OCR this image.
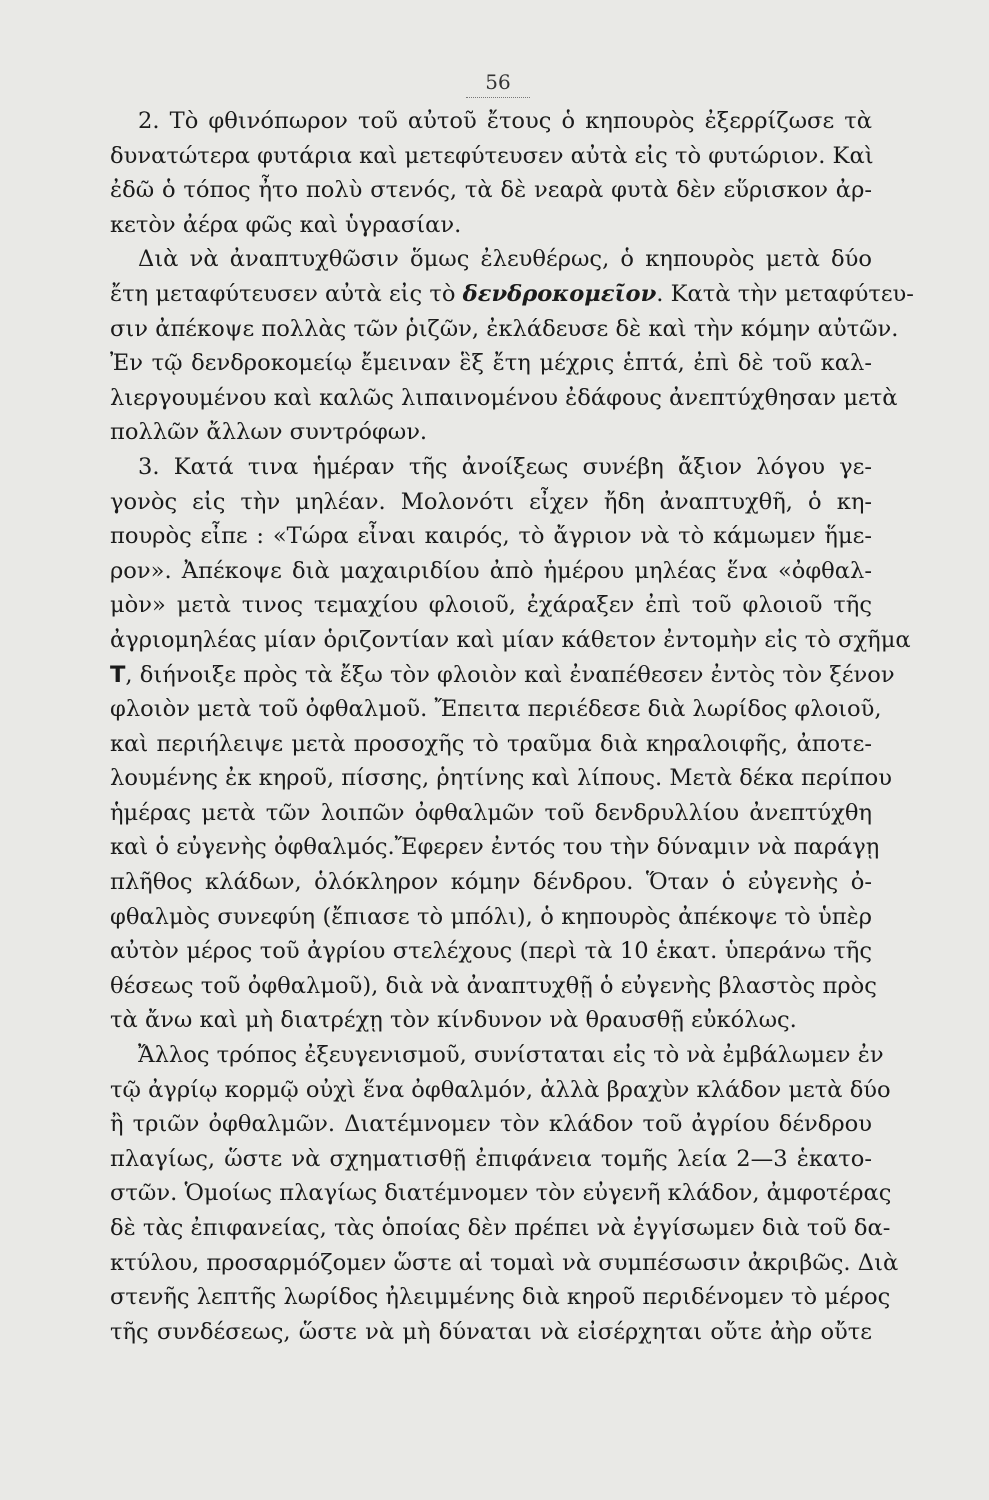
56
2. Τὸ φθινόπωρον τοῦ αὐτοῦ ἔτους ὁ κηπουρὸς ἐξερρίζωσε τὰ
δυνατώτερα φυτάρια καὶ μετεφύτευσεν αὐτὰ εἰς τὸ φυτώριον. Καὶ
ἐδῶ ὁ τόπος ἦτο πολὺ στενός, τὰ δὲ νεαρὰ φυτὰ δὲν εὕρισκον ἀρ-
κετὸν ἀέρα φῶς καὶ ὑγρασίαν.
Διὰ νὰ ἀναπτυχθῶσιν ὅμως ἐλευθέρως, ὁ κηπουρὸς μετὰ δύο
ἔτη μεταφύτευσεν αὐτὰ εἰς τὸ δενδροκομεῖον. Κατὰ τὴν μεταφύτευ-
σιν ἀπέκοψε πολλὰς τῶν ῥιζῶν, ἐκλάδευσε δὲ καὶ τὴν κόμην αὐτῶν.
Ἐν τῷ δενδροκομείῳ ἔμειναν ἓξ ἔτη μέχρις ἑπτά, ἐπὶ δὲ τοῦ καλ-
λιεργουμένου καὶ καλῶς λιπαινομένου ἐδάφους ἀνεπτύχθησαν μετὰ
πολλῶν ἄλλων συντρόφων.
3. Κατά τινα ἡμέραν τῆς ἀνοίξεως συνέβη ἄξιον λόγου γε-
γονὸς εἰς τὴν μηλέαν. Μολονότι εἶχεν ἤδη ἀναπτυχθῆ, ὁ κη-
πουρὸς εἶπε : «Τώρα εἶναι καιρός, τὸ ἄγριον νὰ τὸ κάμωμεν ἥμε-
ρον». Ἀπέκοψε διὰ μαχαιριδίου ἀπὸ ἡμέρου μηλέας ἕνα «ὀφθαλ-
μὸν» μετὰ τινος τεμαχίου φλοιοῦ, ἐχάραξεν ἐπὶ τοῦ φλοιοῦ τῆς
ἀγριομηλέας μίαν ὁριζοντίαν καὶ μίαν κάθετον ἐντομὴν εἰς τὸ σχῆμα
T, διήνοιξε πρὸς τὰ ἔξω τὸν φλοιὸν καὶ ἐναπέθεσεν ἐντὸς τὸν ξένον
φλοιὸν μετὰ τοῦ ὀφθαλμοῦ. Ἔπειτα περιέδεσε διὰ λωρίδος φλοιοῦ,
καὶ περιήλειψε μετὰ προσοχῆς τὸ τραῦμα διὰ κηραλοιφῆς, ἀποτε-
λουμένης ἐκ κηροῦ, πίσσης, ῥητίνης καὶ λίπους. Μετὰ δέκα περίπου
ἡμέρας μετὰ τῶν λοιπῶν ὀφθαλμῶν τοῦ δενδρυλλίου ἀνεπτύχθη
καὶ ὁ εὐγενὴς ὀφθαλμός.Ἔφερεν ἐντός του τὴν δύναμιν νὰ παράγῃ
πλῆθος κλάδων, ὁλόκληρον κόμην δένδρου. Ὅταν ὁ εὐγενὴς ὀ-
φθαλμὸς συνεφύη (ἔπιασε τὸ μπόλι), ὁ κηπουρὸς ἀπέκοψε τὸ ὑπὲρ
αὐτὸν μέρος τοῦ ἀγρίου στελέχους (περὶ τὰ 10 ἑκατ. ὑπεράνω τῆς
θέσεως τοῦ ὀφθαλμοῦ), διὰ νὰ ἀναπτυχθῇ ὁ εὐγενὴς βλαστὸς πρὸς
τὰ ἄνω καὶ μὴ διατρέχῃ τὸν κίνδυνον νὰ θραυσθῇ εὐκόλως.
Ἄλλος τρόπος ἐξευγενισμοῦ, συνίσταται εἰς τὸ νὰ ἐμβάλωμεν ἐν
τῷ ἀγρίῳ κορμῷ οὐχὶ ἕνα ὀφθαλμόν, ἀλλὰ βραχὺν κλάδον μετὰ δύο
ἢ τριῶν ὀφθαλμῶν. Διατέμνομεν τὸν κλάδον τοῦ ἀγρίου δένδρου
πλαγίως, ὥστε νὰ σχηματισθῇ ἐπιφάνεια τομῆς λεία 2—3 ἑκατο-
στῶν. Ὁμοίως πλαγίως διατέμνομεν τὸν εὐγενῆ κλάδον, ἀμφοτέρας
δὲ τὰς ἐπιφανείας, τὰς ὁποίας δὲν πρέπει νὰ ἐγγίσωμεν διὰ τοῦ δα-
κτύλου, προσαρμόζομεν ὥστε αἱ τομαὶ νὰ συμπέσωσιν ἀκριβῶς. Διὰ
στενῆς λεπτῆς λωρίδος ἠλειμμένης διὰ κηροῦ περιδένομεν τὸ μέρος
τῆς συνδέσεως, ὥστε νὰ μὴ δύναται νὰ εἰσέρχηται οὔτε ἀὴρ οὔτε
